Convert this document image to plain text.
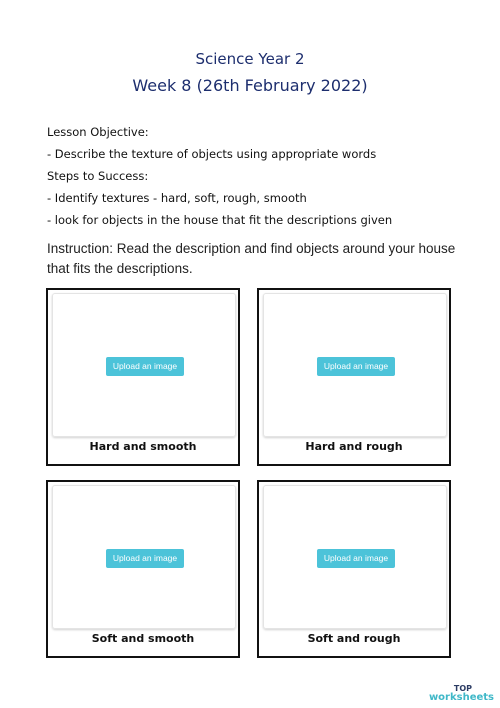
Science Year 2
Week 8 (26th February 2022)
Lesson Objective:
- Describe the texture of objects using appropriate words
Steps to Success:
- Identify textures - hard, soft, rough, smooth
- look for objects in the house that fit the descriptions given
Instruction: Read the description and find objects around your house that fits the descriptions.
Upload an image
Hard and smooth
Upload an image
Hard and rough
Upload an image
Soft and smooth
Upload an image
Soft and rough
TOP
worksheets
